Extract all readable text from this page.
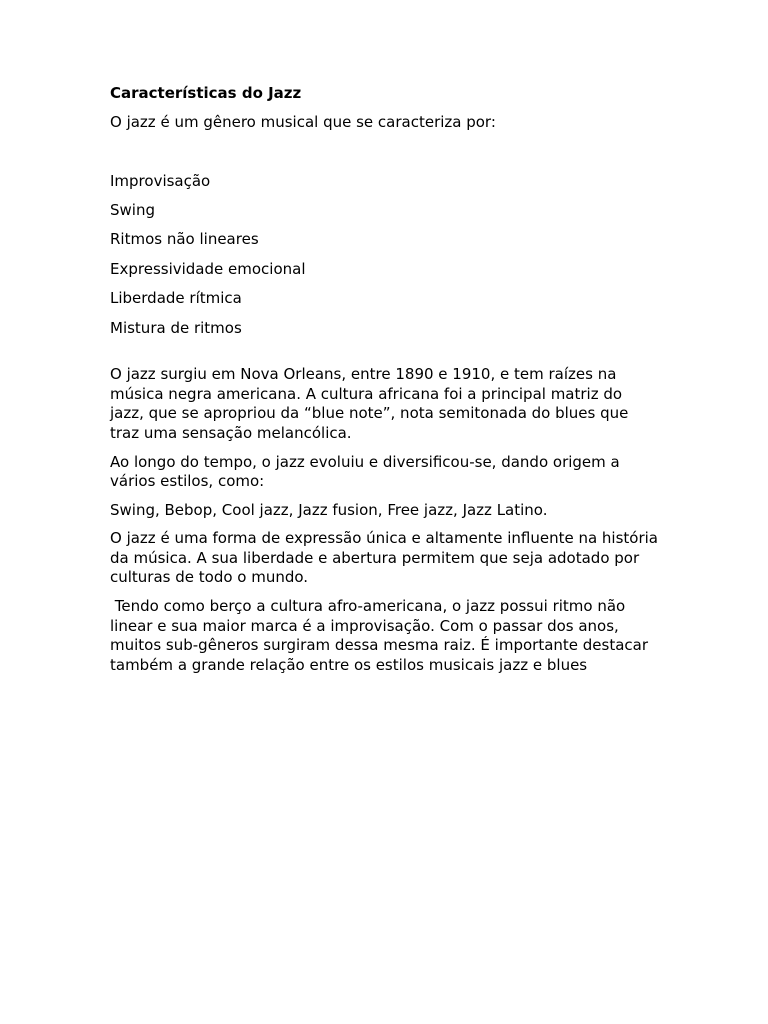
Características do Jazz

O jazz é um gênero musical que se caracteriza por:

Improvisação
Swing
Ritmos não lineares
Expressividade emocional
Liberdade rítmica
Mistura de ritmos

O jazz surgiu em Nova Orleans, entre 1890 e 1910, e tem raízes na música negra americana. A cultura africana foi a principal matriz do jazz, que se apropriou da “blue note”, nota semitonada do blues que traz uma sensação melancólica.

Ao longo do tempo, o jazz evoluiu e diversificou-se, dando origem a vários estilos, como:

Swing, Bebop, Cool jazz, Jazz fusion, Free jazz, Jazz Latino.

O jazz é uma forma de expressão única e altamente influente na história da música. A sua liberdade e abertura permitem que seja adotado por culturas de todo o mundo.

Tendo como berço a cultura afro-americana, o jazz possui ritmo não linear e sua maior marca é a improvisação. Com o passar dos anos, muitos sub-gêneros surgiram dessa mesma raiz. É importante destacar também a grande relação entre os estilos musicais jazz e blues
